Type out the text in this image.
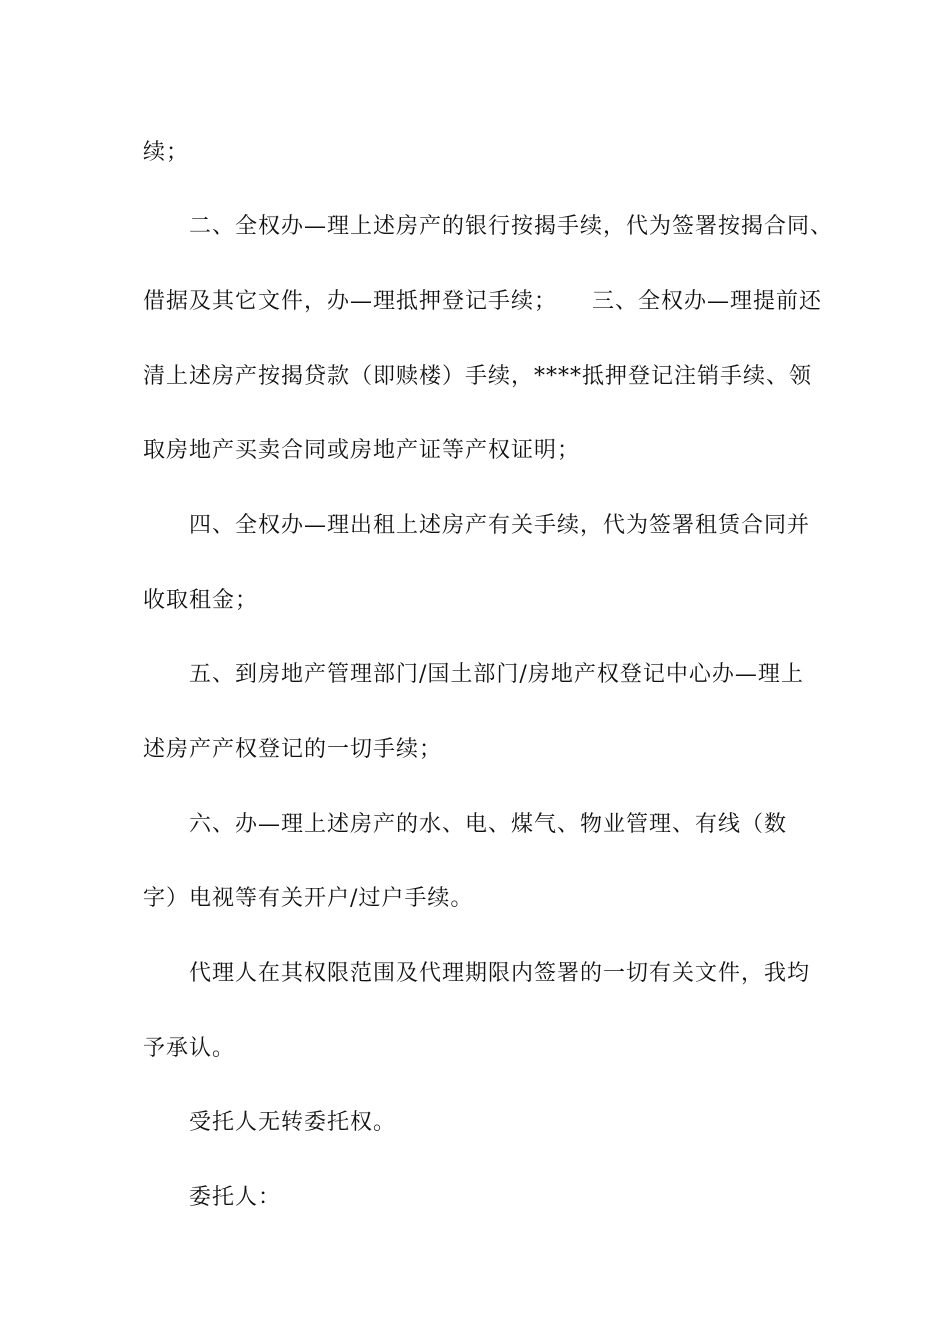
续；

二、全权办—理上述房产的银行按揭手续，代为签署按揭合同、

借据及其它文件，办—理抵押登记手续；　　三、全权办—理提前还

清上述房产按揭贷款（即赎楼）手续，****抵押登记注销手续、领

取房地产买卖合同或房地产证等产权证明；

四、全权办—理出租上述房产有关手续，代为签署租赁合同并

收取租金；

五、到房地产管理部门/国土部门/房地产权登记中心办—理上

述房产产权登记的一切手续；

六、办—理上述房产的水、电、煤气、物业管理、有线（数

字）电视等有关开户/过户手续。

代理人在其权限范围及代理期限内签署的一切有关文件，我均

予承认。

受托人无转委托权。

委托人：
